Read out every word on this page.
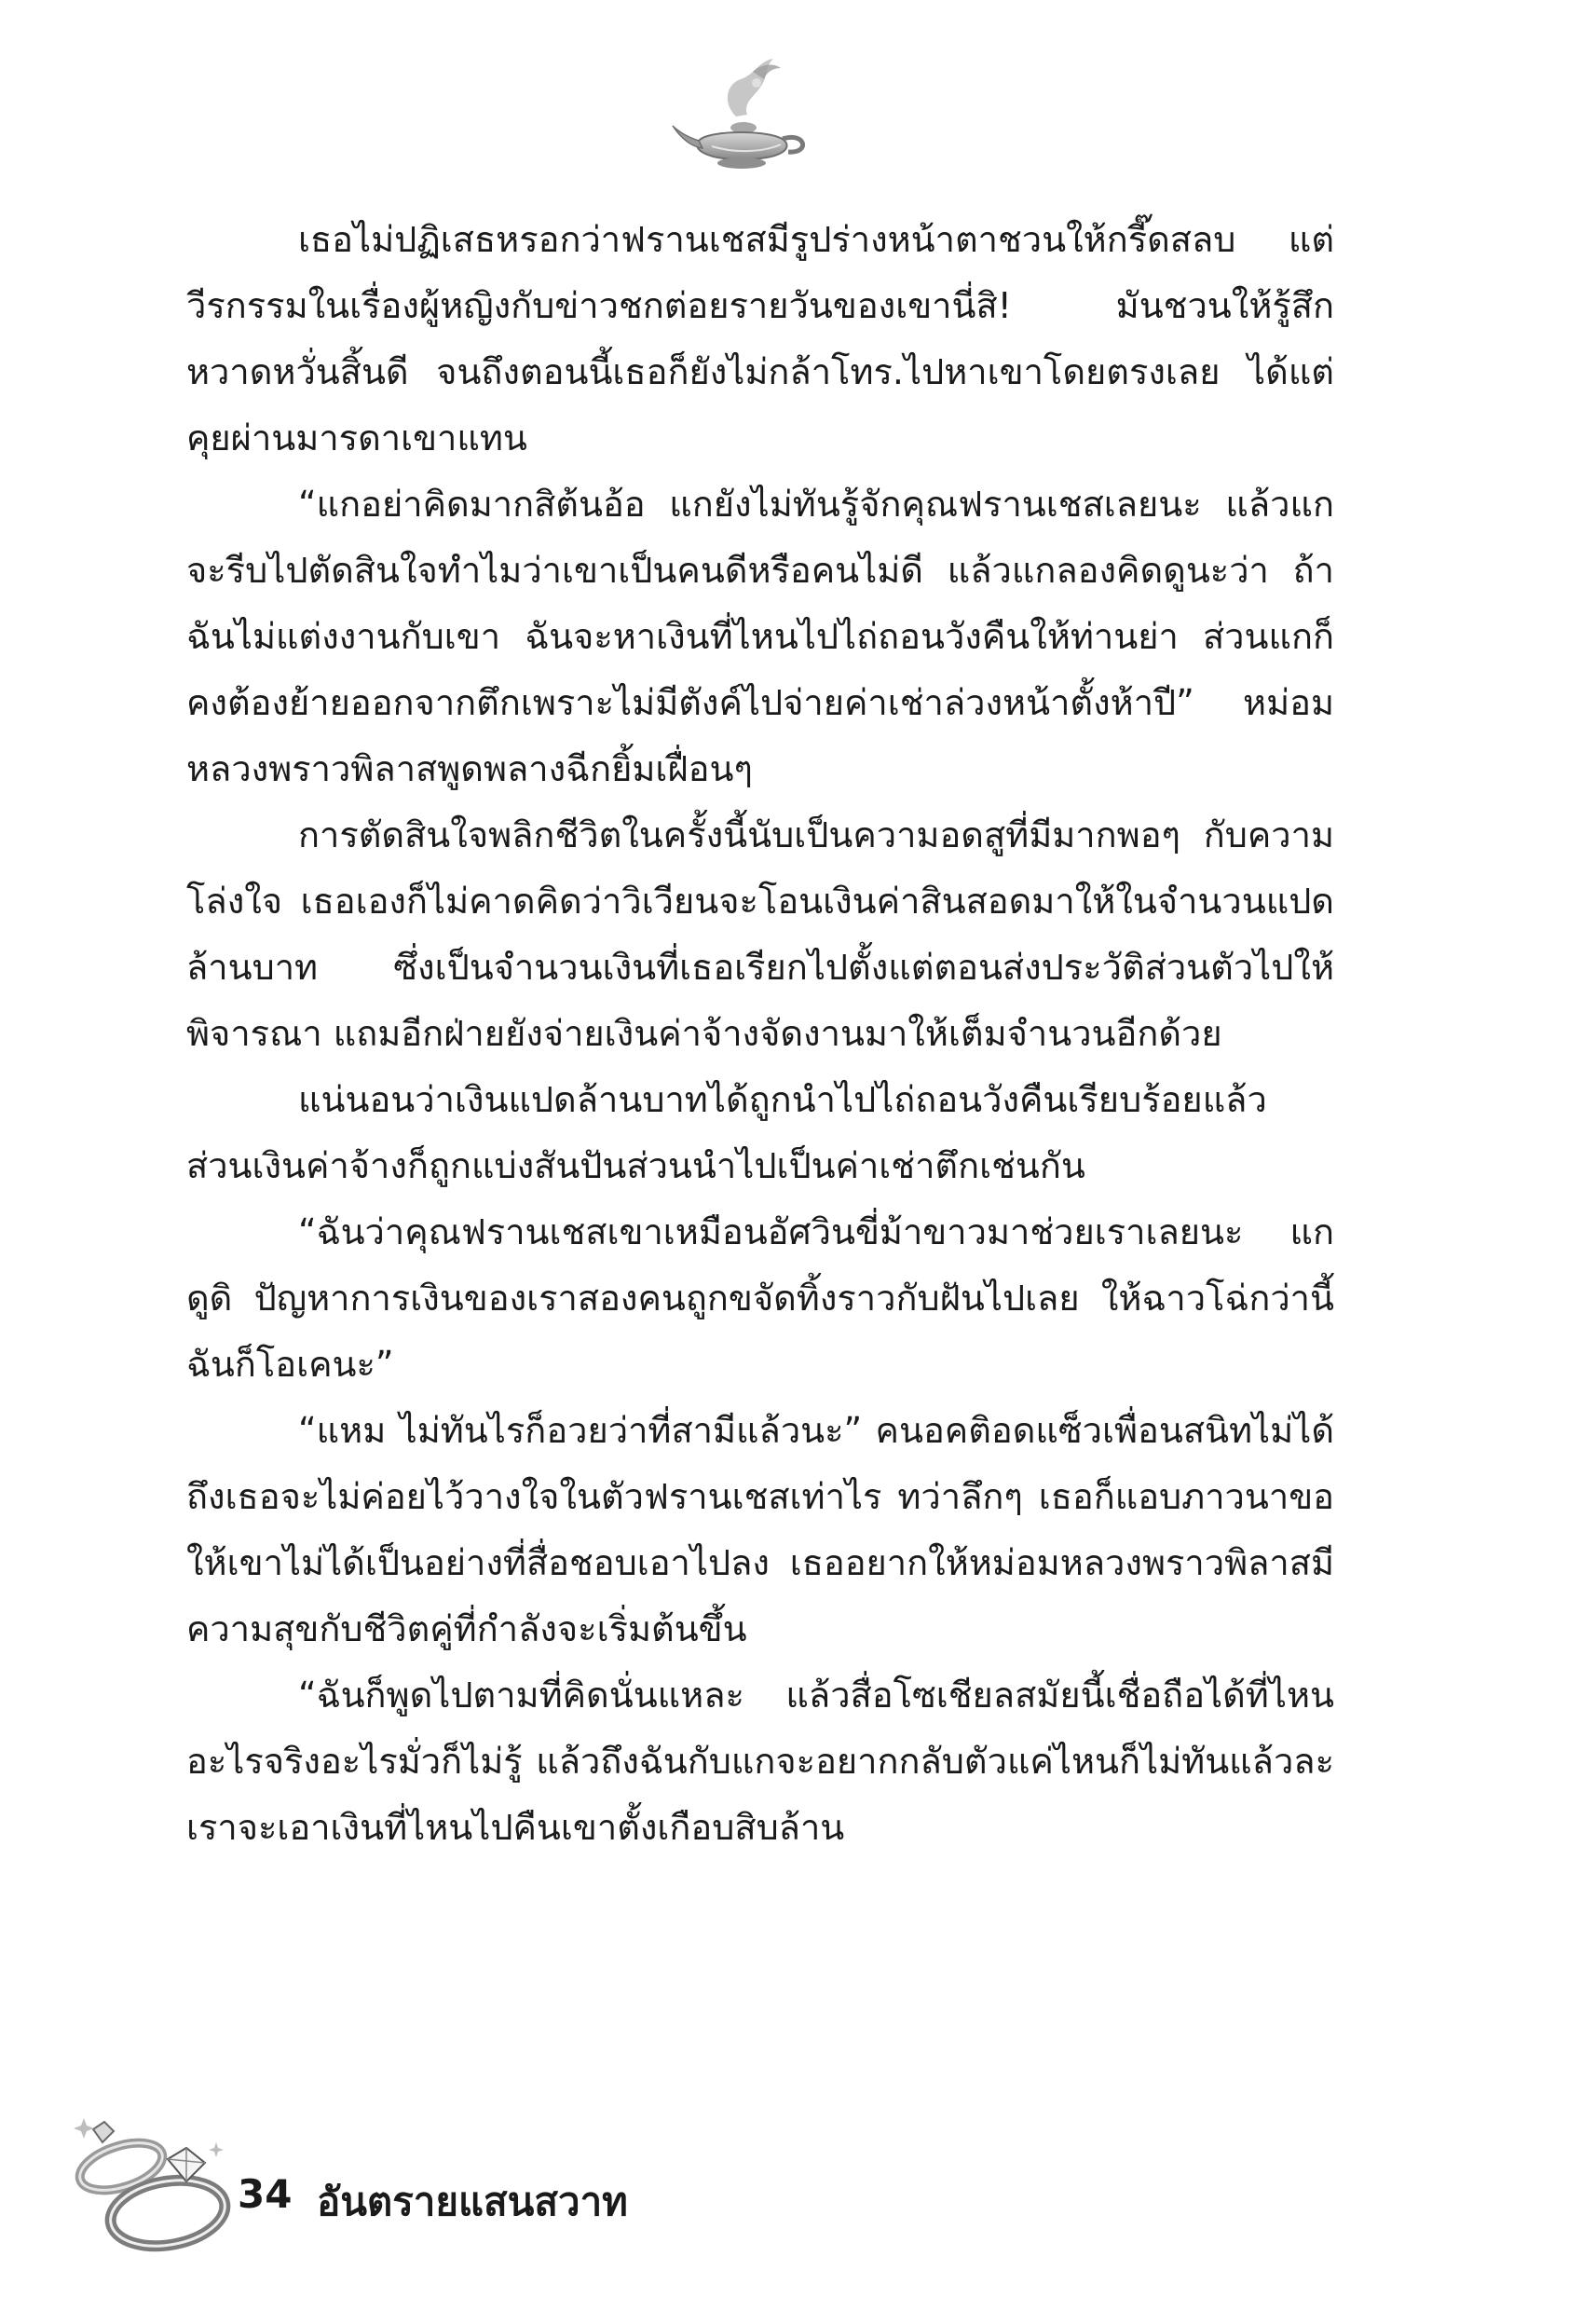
เธอไม่ปฏิเสธหรอกว่าฟรานเชสมีรูปร่างหน้าตาชวนให้กรี๊ดสลบ แต่วีรกรรมในเรื่องผู้หญิงกับข่าวชกต่อยรายวันของเขานี่สิ! มันชวนให้รู้สึกหวาดหวั่นสิ้นดี จนถึงตอนนี้เธอก็ยังไม่กล้าโทร.ไปหาเขาโดยตรงเลย ได้แต่คุยผ่านมารดาเขาแทน

“แกอย่าคิดมากสิต้นอ้อ แกยังไม่ทันรู้จักคุณฟรานเชสเลยนะ แล้วแกจะรีบไปตัดสินใจทำไมว่าเขาเป็นคนดีหรือคนไม่ดี แล้วแกลองคิดดูนะว่า ถ้าฉันไม่แต่งงานกับเขา ฉันจะหาเงินที่ไหนไปไถ่ถอนวังคืนให้ท่านย่า ส่วนแกก็คงต้องย้ายออกจากตึกเพราะไม่มีตังค์ไปจ่ายค่าเช่าล่วงหน้าตั้งห้าปี” หม่อมหลวงพราวพิลาสพูดพลางฉีกยิ้มเฝื่อนๆ

การตัดสินใจพลิกชีวิตในครั้งนี้นับเป็นความอดสูที่มีมากพอๆ กับความโล่งใจ เธอเองก็ไม่คาดคิดว่าวิเวียนจะโอนเงินค่าสินสอดมาให้ในจำนวนแปดล้านบาท ซึ่งเป็นจำนวนเงินที่เธอเรียกไปตั้งแต่ตอนส่งประวัติส่วนตัวไปให้พิจารณา แถมอีกฝ่ายยังจ่ายเงินค่าจ้างจัดงานมาให้เต็มจำนวนอีกด้วย

แน่นอนว่าเงินแปดล้านบาทได้ถูกนำไปไถ่ถอนวังคืนเรียบร้อยแล้ว ส่วนเงินค่าจ้างก็ถูกแบ่งสันปันส่วนนำไปเป็นค่าเช่าตึกเช่นกัน

“ฉันว่าคุณฟรานเชสเขาเหมือนอัศวินขี่ม้าขาวมาช่วยเราเลยนะ แกดูดิ ปัญหาการเงินของเราสองคนถูกขจัดทิ้งราวกับฝันไปเลย ให้ฉาวโฉ่กว่านี้ฉันก็โอเคนะ”

“แหม ไม่ทันไรก็อวยว่าที่สามีแล้วนะ” คนอคติอดแซ็วเพื่อนสนิทไม่ได้ ถึงเธอจะไม่ค่อยไว้วางใจในตัวฟรานเชสเท่าไร ทว่าลึกๆ เธอก็แอบภาวนาขอให้เขาไม่ได้เป็นอย่างที่สื่อชอบเอาไปลง เธออยากให้หม่อมหลวงพราวพิลาสมีความสุขกับชีวิตคู่ที่กำลังจะเริ่มต้นขึ้น

“ฉันก็พูดไปตามที่คิดนั่นแหละ แล้วสื่อโซเชียลสมัยนี้เชื่อถือได้ที่ไหน อะไรจริงอะไรมั่วก็ไม่รู้ แล้วถึงฉันกับแกจะอยากกลับตัวแค่ไหนก็ไม่ทันแล้วละ เราจะเอาเงินที่ไหนไปคืนเขาตั้งเกือบสิบล้าน

34 อันตรายแสนสวาท
